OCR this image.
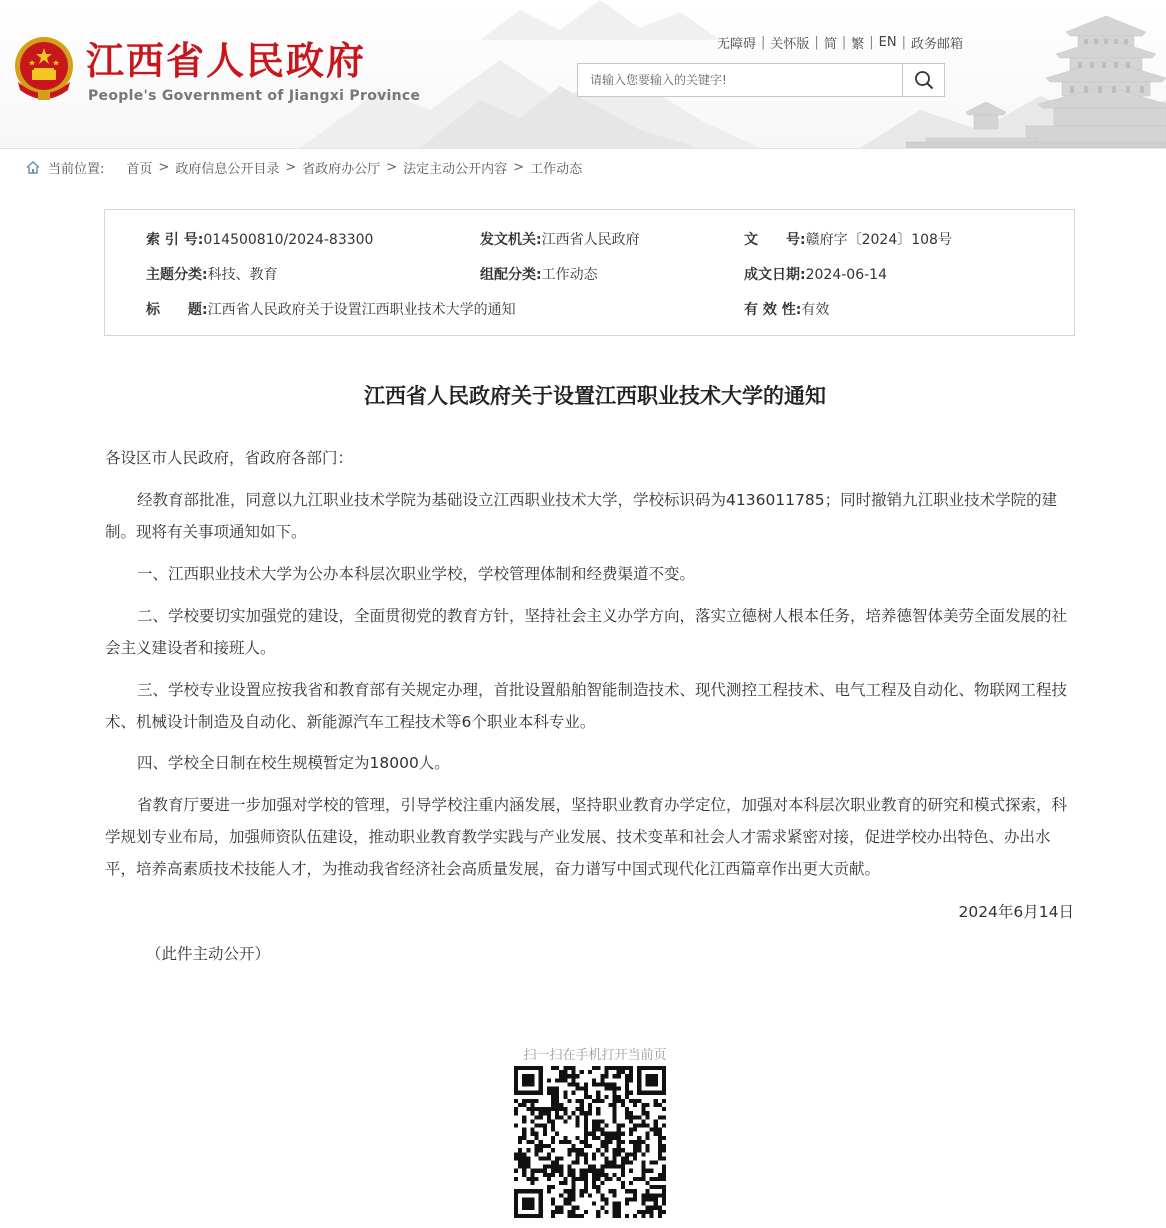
江西省人民政府
People's Government of Jiangxi Province
无障碍 | 关怀版 | 简 | 繁 | EN | 政务邮箱
请输入您要输入的关键字!
当前位置: 首页 > 政府信息公开目录 > 省政府办公厅 > 法定主动公开内容 > 工作动态
索 引 号:014500810/2024-83300	发文机关:江西省人民政府	文　　号:赣府字〔2024〕108号
主题分类:科技、教育	组配分类:工作动态	成文日期:2024-06-14
标　　题:江西省人民政府关于设置江西职业技术大学的通知	有 效 性:有效
江西省人民政府关于设置江西职业技术大学的通知

各设区市人民政府，省政府各部门：

经教育部批准，同意以九江职业技术学院为基础设立江西职业技术大学，学校标识码为4136011785；同时撤销九江职业技术学院的建制。现将有关事项通知如下。

一、江西职业技术大学为公办本科层次职业学校，学校管理体制和经费渠道不变。

二、学校要切实加强党的建设，全面贯彻党的教育方针，坚持社会主义办学方向，落实立德树人根本任务，培养德智体美劳全面发展的社会主义建设者和接班人。

三、学校专业设置应按我省和教育部有关规定办理，首批设置船舶智能制造技术、现代测控工程技术、电气工程及自动化、物联网工程技术、机械设计制造及自动化、新能源汽车工程技术等6个职业本科专业。

四、学校全日制在校生规模暂定为18000人。

省教育厅要进一步加强对学校的管理，引导学校注重内涵发展，坚持职业教育办学定位，加强对本科层次职业教育的研究和模式探索，科学规划专业布局，加强师资队伍建设，推动职业教育教学实践与产业发展、技术变革和社会人才需求紧密对接，促进学校办出特色、办出水平，培养高素质技术技能人才，为推动我省经济社会高质量发展，奋力谱写中国式现代化江西篇章作出更大贡献。

2024年6月14日
（此件主动公开）
扫一扫在手机打开当前页
